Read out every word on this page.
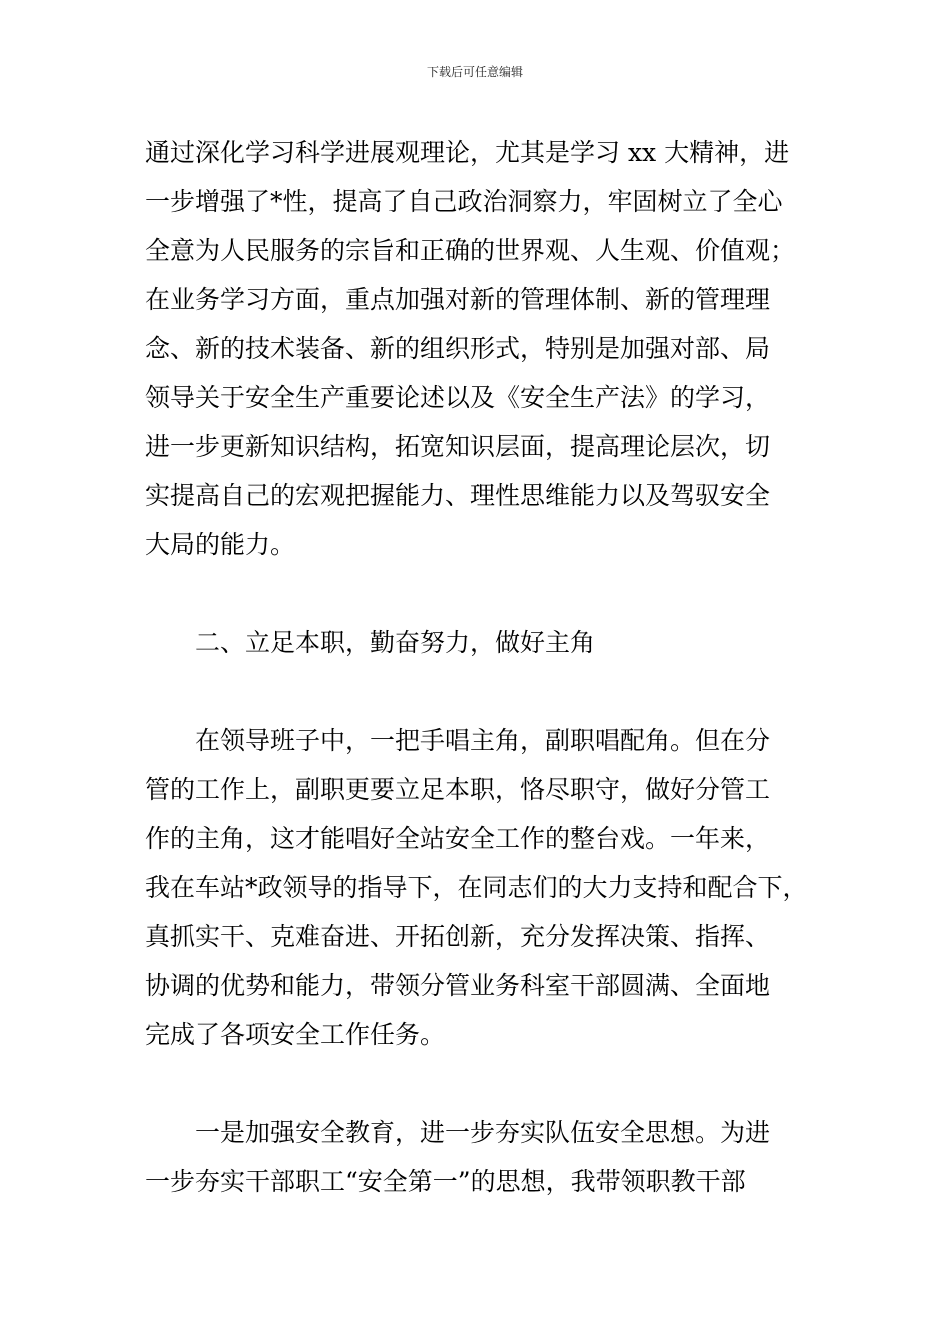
下载后可任意编辑
通过深化学习科学进展观理论，尤其是学习 xx 大精神，进
一步增强了*性，提高了自己政治洞察力，牢固树立了全心
全意为人民服务的宗旨和正确的世界观、人生观、价值观；
在业务学习方面，重点加强对新的管理体制、新的管理理
念、新的技术装备、新的组织形式，特别是加强对部、局
领导关于安全生产重要论述以及《安全生产法》的学习，
进一步更新知识结构，拓宽知识层面，提高理论层次，切
实提高自己的宏观把握能力、理性思维能力以及驾驭安全
大局的能力。
二、立足本职，勤奋努力，做好主角
在领导班子中，一把手唱主角，副职唱配角。但在分
管的工作上，副职更要立足本职，恪尽职守，做好分管工
作的主角，这才能唱好全站安全工作的整台戏。一年来，
我在车站*政领导的指导下，在同志们的大力支持和配合下，
真抓实干、克难奋进、开拓创新，充分发挥决策、指挥、
协调的优势和能力，带领分管业务科室干部圆满、全面地
完成了各项安全工作任务。
一是加强安全教育，进一步夯实队伍安全思想。为进
一步夯实干部职工“安全第一”的思想，我带领职教干部
